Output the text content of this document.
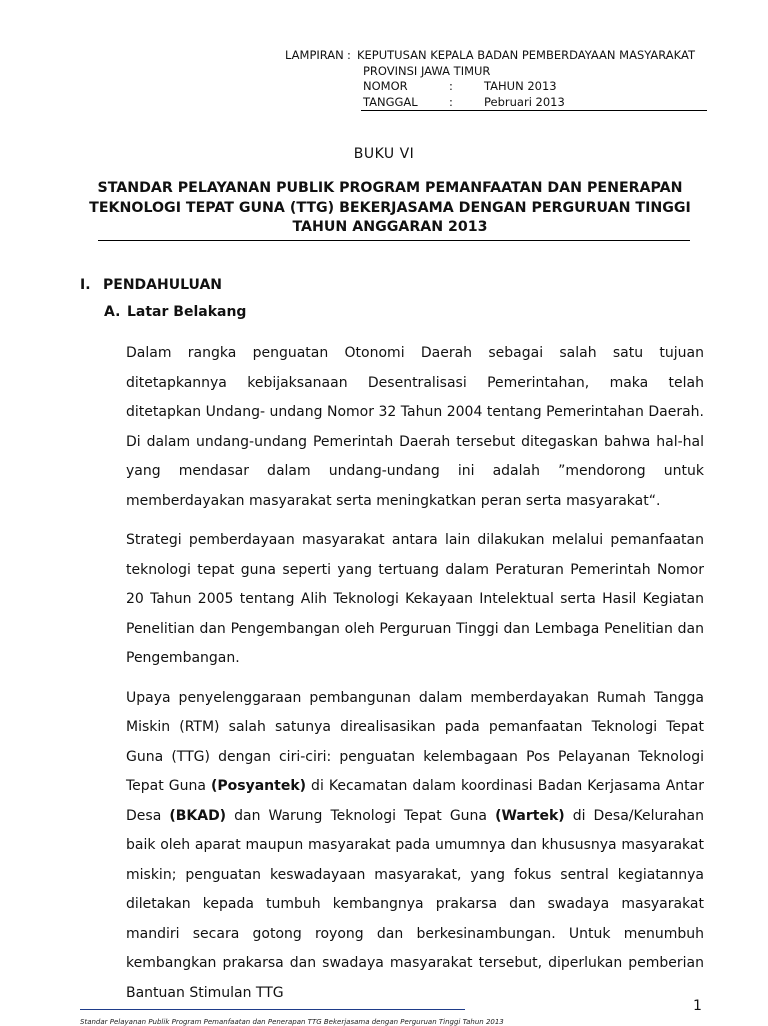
LAMPIRAN : KEPUTUSAN KEPALA BADAN PEMBERDAYAAN MASYARAKAT
PROVINSI JAWA TIMUR
NOMOR	:	TAHUN 2013
TANGGAL	:	Pebruari 2013
BUKU VI
STANDAR PELAYANAN PUBLIK PROGRAM PEMANFAATAN DAN PENERAPAN
TEKNOLOGI TEPAT GUNA (TTG) BEKERJASAMA DENGAN PERGURUAN TINGGI
TAHUN ANGGARAN 2013
I. PENDAHULUAN
A. Latar Belakang

Dalam rangka penguatan Otonomi Daerah sebagai salah satu tujuan ditetapkannya kebijaksanaan Desentralisasi Pemerintahan, maka telah ditetapkan Undang- undang Nomor 32 Tahun 2004 tentang Pemerintahan Daerah. Di dalam undang-undang Pemerintah Daerah tersebut ditegaskan bahwa hal-hal yang mendasar dalam undang-undang ini adalah ”mendorong untuk memberdayakan masyarakat serta meningkatkan peran serta masyarakat“.

Strategi pemberdayaan masyarakat antara lain dilakukan melalui pemanfaatan teknologi tepat guna seperti yang tertuang dalam Peraturan Pemerintah Nomor 20 Tahun 2005 tentang Alih Teknologi Kekayaan Intelektual serta Hasil Kegiatan Penelitian dan Pengembangan oleh Perguruan Tinggi dan Lembaga Penelitian dan Pengembangan.

Upaya penyelenggaraan pembangunan dalam memberdayakan Rumah Tangga Miskin (RTM) salah satunya direalisasikan pada pemanfaatan Teknologi Tepat Guna (TTG) dengan ciri-ciri: penguatan kelembagaan Pos Pelayanan Teknologi Tepat Guna (Posyantek) di Kecamatan dalam koordinasi Badan Kerjasama Antar Desa (BKAD) dan Warung Teknologi Tepat Guna (Wartek) di Desa/Kelurahan baik oleh aparat maupun masyarakat pada umumnya dan khususnya masyarakat miskin; penguatan keswadayaan masyarakat, yang fokus sentral kegiatannya diletakan kepada tumbuh kembangnya prakarsa dan swadaya masyarakat mandiri secara gotong royong dan berkesinambungan. Untuk menumbuh kembangkan prakarsa dan swadaya masyarakat tersebut, diperlukan pemberian Bantuan Stimulan TTG

1
Standar Pelayanan Publik Program Pemanfaatan dan Penerapan TTG Bekerjasama dengan Perguruan Tinggi Tahun 2013
